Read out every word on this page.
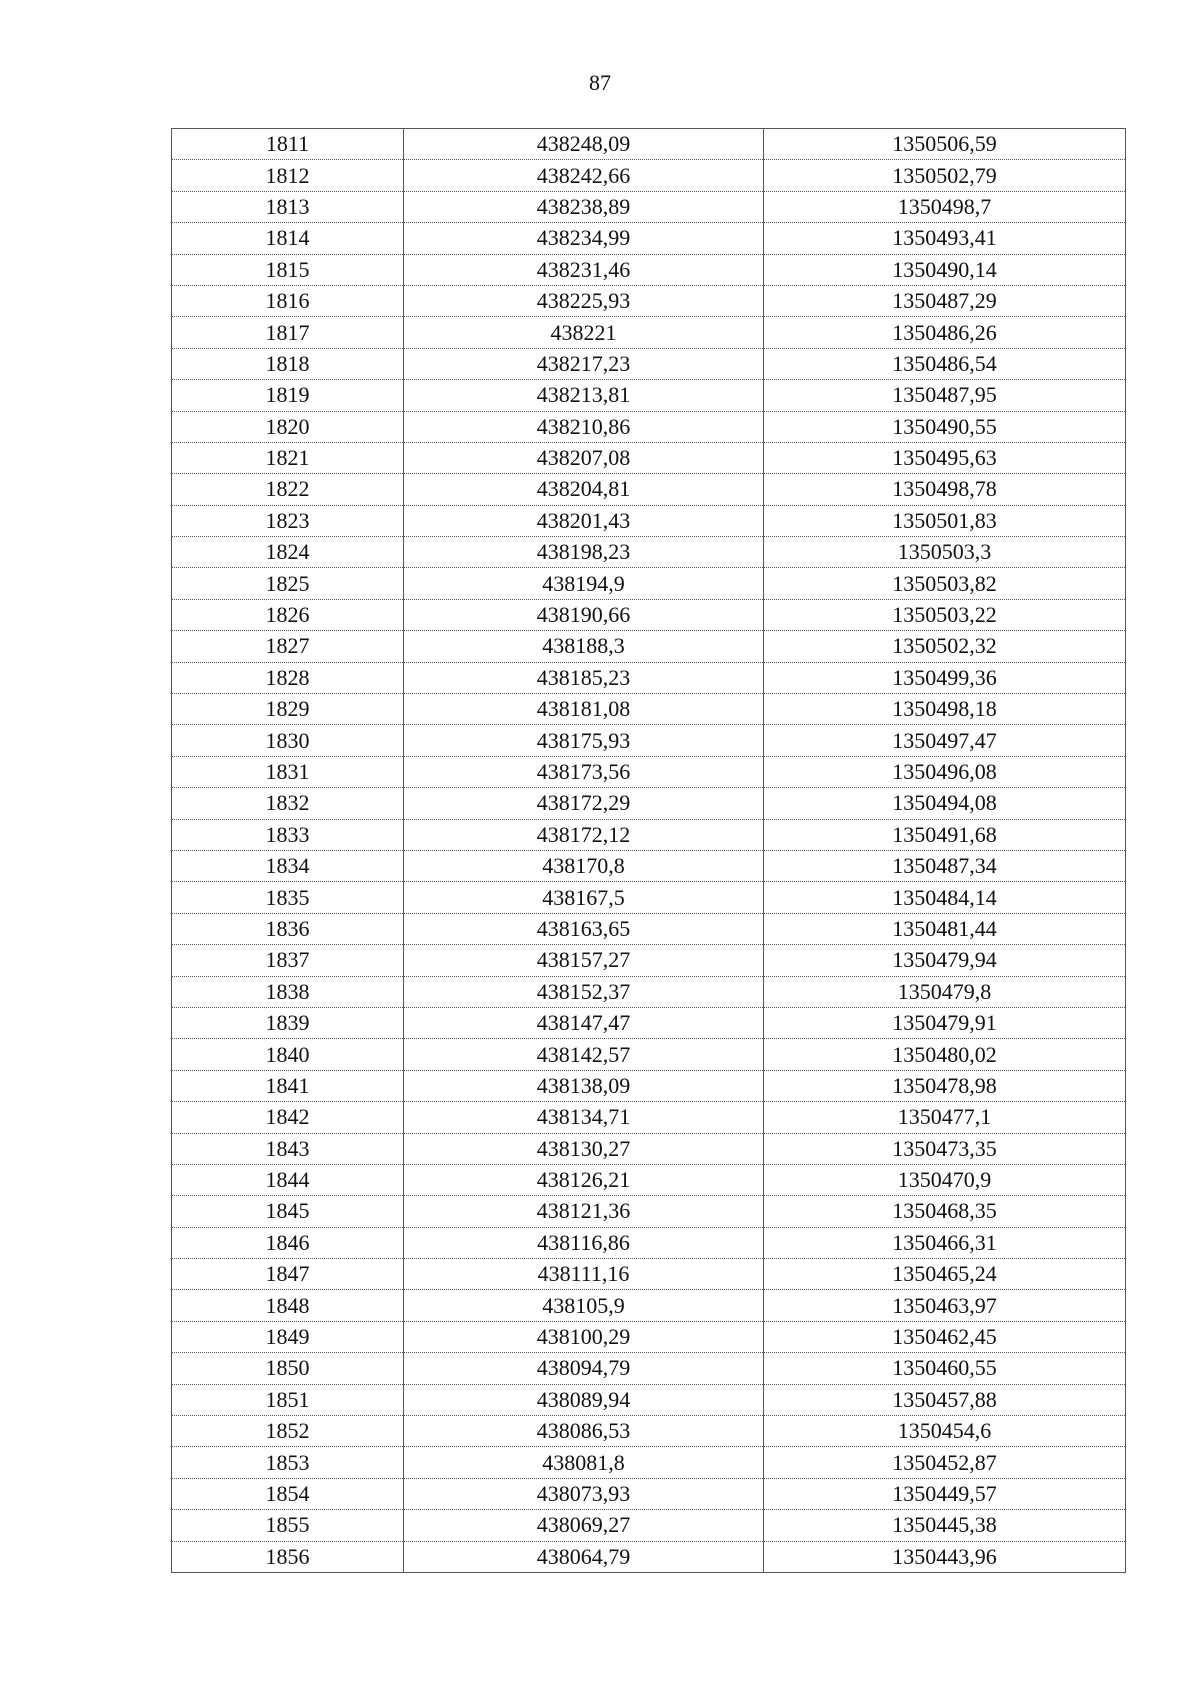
87
1811	438248,09	1350506,59
1812	438242,66	1350502,79
1813	438238,89	1350498,7
1814	438234,99	1350493,41
1815	438231,46	1350490,14
1816	438225,93	1350487,29
1817	438221	1350486,26
1818	438217,23	1350486,54
1819	438213,81	1350487,95
1820	438210,86	1350490,55
1821	438207,08	1350495,63
1822	438204,81	1350498,78
1823	438201,43	1350501,83
1824	438198,23	1350503,3
1825	438194,9	1350503,82
1826	438190,66	1350503,22
1827	438188,3	1350502,32
1828	438185,23	1350499,36
1829	438181,08	1350498,18
1830	438175,93	1350497,47
1831	438173,56	1350496,08
1832	438172,29	1350494,08
1833	438172,12	1350491,68
1834	438170,8	1350487,34
1835	438167,5	1350484,14
1836	438163,65	1350481,44
1837	438157,27	1350479,94
1838	438152,37	1350479,8
1839	438147,47	1350479,91
1840	438142,57	1350480,02
1841	438138,09	1350478,98
1842	438134,71	1350477,1
1843	438130,27	1350473,35
1844	438126,21	1350470,9
1845	438121,36	1350468,35
1846	438116,86	1350466,31
1847	438111,16	1350465,24
1848	438105,9	1350463,97
1849	438100,29	1350462,45
1850	438094,79	1350460,55
1851	438089,94	1350457,88
1852	438086,53	1350454,6
1853	438081,8	1350452,87
1854	438073,93	1350449,57
1855	438069,27	1350445,38
1856	438064,79	1350443,96
